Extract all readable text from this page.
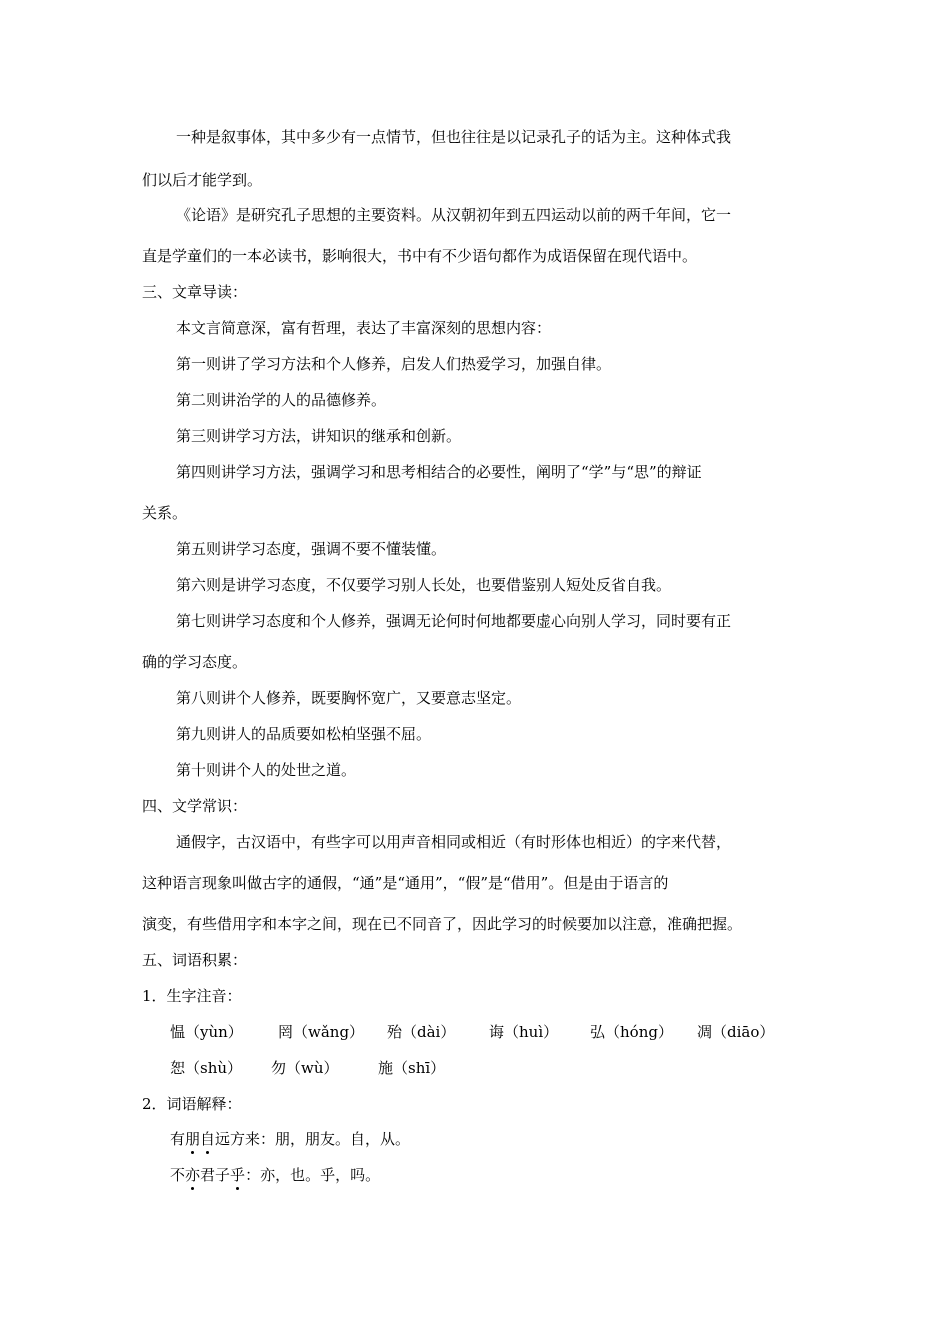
一种是叙事体，其中多少有一点情节，但也往往是以记录孔子的话为主。这种体式我
们以后才能学到。
《论语》是研究孔子思想的主要资料。从汉朝初年到五四运动以前的两千年间，它一
直是学童们的一本必读书，影响很大，书中有不少语句都作为成语保留在现代语中。
三、文章导读：
本文言简意深，富有哲理，表达了丰富深刻的思想内容：
第一则讲了学习方法和个人修养，启发人们热爱学习，加强自律。
第二则讲治学的人的品德修养。
第三则讲学习方法，讲知识的继承和创新。
第四则讲学习方法，强调学习和思考相结合的必要性，阐明了“学”与“思”的辩证
关系。
第五则讲学习态度，强调不要不懂装懂。
第六则是讲学习态度，不仅要学习别人长处，也要借鉴别人短处反省自我。
第七则讲学习态度和个人修养，强调无论何时何地都要虚心向别人学习，同时要有正
确的学习态度。
第八则讲个人修养，既要胸怀宽广，又要意志坚定。
第九则讲人的品质要如松柏坚强不屈。
第十则讲个人的处世之道。
四、文学常识：
通假字，古汉语中，有些字可以用声音相同或相近（有时形体也相近）的字来代替，
这种语言现象叫做古字的通假，“通”是“通用”，“假”是“借用”。但是由于语言的
演变，有些借用字和本字之间，现在已不同音了，因此学习的时候要加以注意，准确把握。
五、词语积累：
1．生字注音：
愠（yùn） 罔（wǎng） 殆（dài） 诲（huì） 弘（hóng） 凋（diāo）
恕（shù） 勿（wù）	施（shī）
2．词语解释：
有朋自远方来：朋，朋友。自，从。
不亦君子乎：亦，也。乎，吗。
